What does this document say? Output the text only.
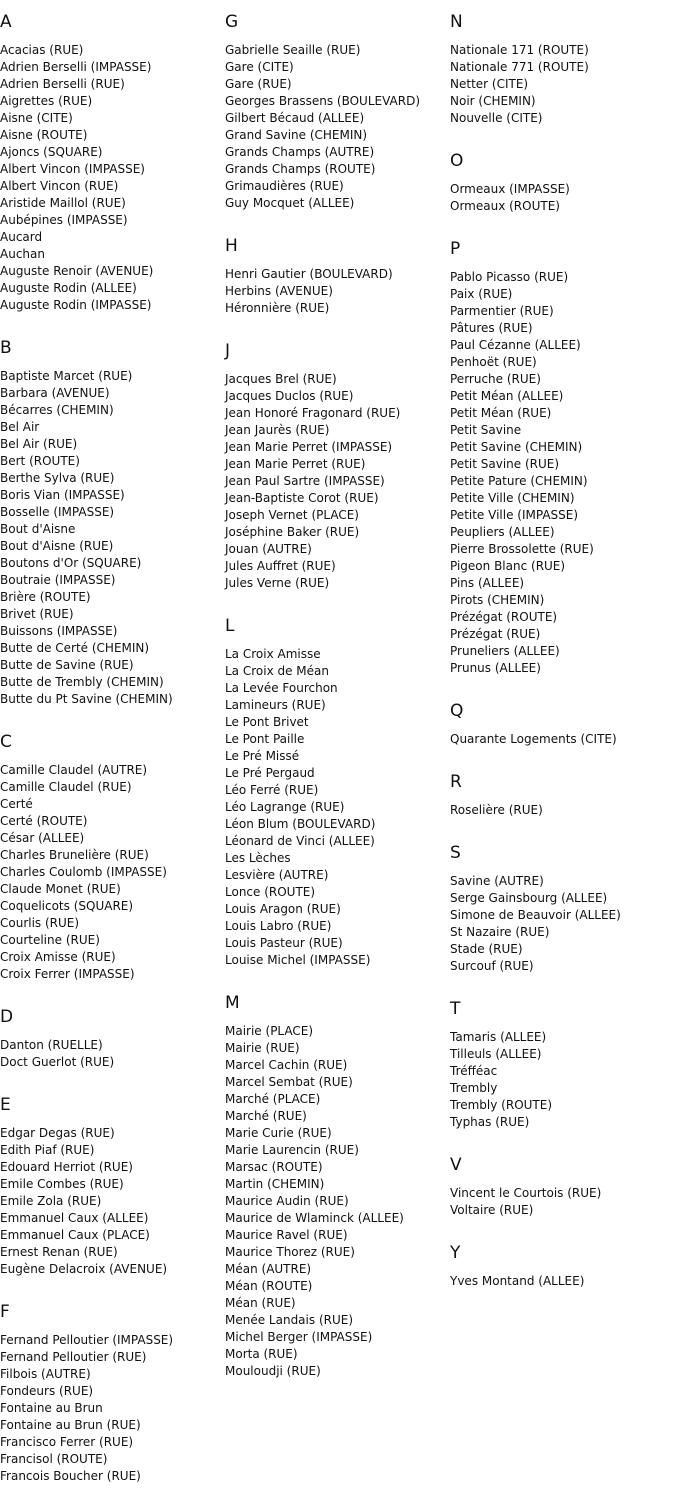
A
Acacias (RUE)
Adrien Berselli (IMPASSE)
Adrien Berselli (RUE)
Aigrettes (RUE)
Aisne (CITE)
Aisne (ROUTE)
Ajoncs (SQUARE)
Albert Vincon (IMPASSE)
Albert Vincon (RUE)
Aristide Maillol (RUE)
Aubépines (IMPASSE)
Aucard
Auchan
Auguste Renoir (AVENUE)
Auguste Rodin (ALLEE)
Auguste Rodin (IMPASSE)
B
Baptiste Marcet (RUE)
Barbara (AVENUE)
Bécarres (CHEMIN)
Bel Air
Bel Air (RUE)
Bert (ROUTE)
Berthe Sylva (RUE)
Boris Vian (IMPASSE)
Bosselle (IMPASSE)
Bout d'Aisne
Bout d'Aisne (RUE)
Boutons d'Or (SQUARE)
Boutraie (IMPASSE)
Brière (ROUTE)
Brivet (RUE)
Buissons (IMPASSE)
Butte de Certé (CHEMIN)
Butte de Savine (RUE)
Butte de Trembly (CHEMIN)
Butte du Pt Savine (CHEMIN)
C
Camille Claudel (AUTRE)
Camille Claudel (RUE)
Certé
Certé (ROUTE)
César (ALLEE)
Charles Brunelière (RUE)
Charles Coulomb (IMPASSE)
Claude Monet (RUE)
Coquelicots (SQUARE)
Courlis (RUE)
Courteline (RUE)
Croix Amisse (RUE)
Croix Ferrer (IMPASSE)
D
Danton (RUELLE)
Doct Guerlot (RUE)
E
Edgar Degas (RUE)
Edith Piaf (RUE)
Edouard Herriot (RUE)
Emile Combes (RUE)
Emile Zola (RUE)
Emmanuel Caux (ALLEE)
Emmanuel Caux (PLACE)
Ernest Renan (RUE)
Eugène Delacroix (AVENUE)
F
Fernand Pelloutier (IMPASSE)
Fernand Pelloutier (RUE)
Filbois (AUTRE)
Fondeurs (RUE)
Fontaine au Brun
Fontaine au Brun (RUE)
Francisco Ferrer (RUE)
Francisol (ROUTE)
Francois Boucher (RUE)
G
Gabrielle Seaille (RUE)
Gare (CITE)
Gare (RUE)
Georges Brassens (BOULEVARD)
Gilbert Bécaud (ALLEE)
Grand Savine (CHEMIN)
Grands Champs (AUTRE)
Grands Champs (ROUTE)
Grimaudières (RUE)
Guy Mocquet (ALLEE)
H
Henri Gautier (BOULEVARD)
Herbins (AVENUE)
Héronnière (RUE)
J
Jacques Brel (RUE)
Jacques Duclos (RUE)
Jean Honoré Fragonard (RUE)
Jean Jaurès (RUE)
Jean Marie Perret (IMPASSE)
Jean Marie Perret (RUE)
Jean Paul Sartre (IMPASSE)
Jean-Baptiste Corot (RUE)
Joseph Vernet (PLACE)
Joséphine Baker (RUE)
Jouan (AUTRE)
Jules Auffret (RUE)
Jules Verne (RUE)
L
La Croix Amisse
La Croix de Méan
La Levée Fourchon
Lamineurs (RUE)
Le Pont Brivet
Le Pont Paille
Le Pré Missé
Le Pré Pergaud
Léo Ferré (RUE)
Léo Lagrange (RUE)
Léon Blum (BOULEVARD)
Léonard de Vinci (ALLEE)
Les Lèches
Lesvière (AUTRE)
Lonce (ROUTE)
Louis Aragon (RUE)
Louis Labro (RUE)
Louis Pasteur (RUE)
Louise Michel (IMPASSE)
M
Mairie (PLACE)
Mairie (RUE)
Marcel Cachin (RUE)
Marcel Sembat (RUE)
Marché (PLACE)
Marché (RUE)
Marie Curie (RUE)
Marie Laurencin (RUE)
Marsac (ROUTE)
Martin (CHEMIN)
Maurice Audin (RUE)
Maurice de Wlaminck (ALLEE)
Maurice Ravel (RUE)
Maurice Thorez (RUE)
Méan (AUTRE)
Méan (ROUTE)
Méan (RUE)
Menée Landais (RUE)
Michel Berger (IMPASSE)
Morta (RUE)
Mouloudji (RUE)
N
Nationale 171 (ROUTE)
Nationale 771 (ROUTE)
Netter (CITE)
Noir (CHEMIN)
Nouvelle (CITE)
O
Ormeaux (IMPASSE)
Ormeaux (ROUTE)
P
Pablo Picasso (RUE)
Paix (RUE)
Parmentier (RUE)
Pâtures (RUE)
Paul Cézanne (ALLEE)
Penhoët (RUE)
Perruche (RUE)
Petit Méan (ALLEE)
Petit Méan (RUE)
Petit Savine
Petit Savine (CHEMIN)
Petit Savine (RUE)
Petite Pature (CHEMIN)
Petite Ville (CHEMIN)
Petite Ville (IMPASSE)
Peupliers (ALLEE)
Pierre Brossolette (RUE)
Pigeon Blanc (RUE)
Pins (ALLEE)
Pirots (CHEMIN)
Prézégat (ROUTE)
Prézégat (RUE)
Pruneliers (ALLEE)
Prunus (ALLEE)
Q
Quarante Logements (CITE)
R
Roselière (RUE)
S
Savine (AUTRE)
Serge Gainsbourg (ALLEE)
Simone de Beauvoir (ALLEE)
St Nazaire (RUE)
Stade (RUE)
Surcouf (RUE)
T
Tamaris (ALLEE)
Tilleuls (ALLEE)
Tréfféac
Trembly
Trembly (ROUTE)
Typhas (RUE)
V
Vincent le Courtois (RUE)
Voltaire (RUE)
Y
Yves Montand (ALLEE)
